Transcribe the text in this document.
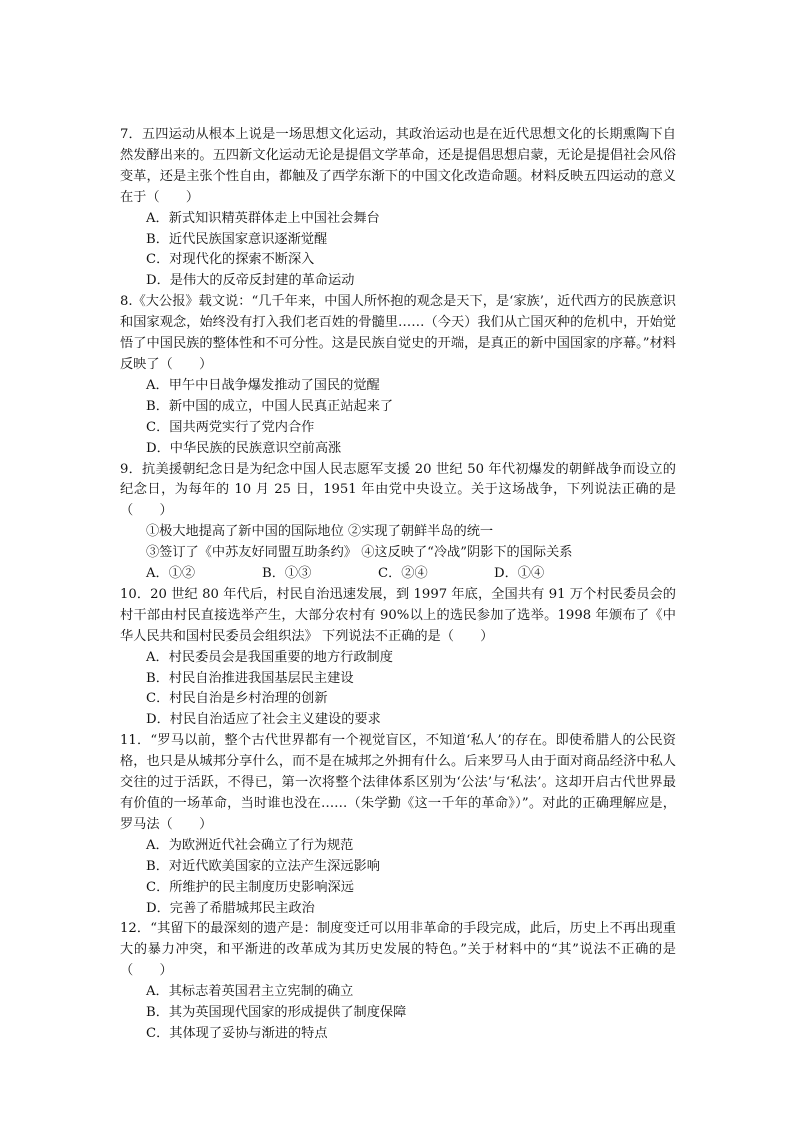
7．五四运动从根本上说是一场思想文化运动，其政治运动也是在近代思想文化的长期熏陶下自然发酵出来的。五四新文化运动无论是提倡文学革命，还是提倡思想启蒙，无论是提倡社会风俗变革，还是主张个性自由，都触及了西学东渐下的中国文化改造命题。材料反映五四运动的意义在于（　　）

A．新式知识精英群体走上中国社会舞台

B．近代民族国家意识逐渐觉醒

C．对现代化的探索不断深入

D．是伟大的反帝反封建的革命运动

8.《大公报》载文说：“几千年来，中国人所怀抱的观念是天下，是‘家族’，近代西方的民族意识和国家观念，始终没有打入我们老百姓的骨髓里……（今天）我们从亡国灭种的危机中，开始觉悟了中国民族的整体性和不可分性。这是民族自觉史的开端，是真正的新中国国家的序幕。”材料反映了（　　）

A．甲午中日战争爆发推动了国民的觉醒

B．新中国的成立，中国人民真正站起来了

C．国共两党实行了党内合作

D．中华民族的民族意识空前高涨

9．抗美援朝纪念日是为纪念中国人民志愿军支援 20 世纪 50 年代初爆发的朝鲜战争而设立的纪念日，为每年的 10 月 25 日，1951 年由党中央设立。关于这场战争，下列说法正确的是（　　）

①极大地提高了新中国的国际地位 ②实现了朝鲜半岛的统一

③签订了《中苏友好同盟互助条约》 ④这反映了“冷战”阴影下的国际关系

A．①②	B．①③	C．②④	D．①④

10．20 世纪 80 年代后，村民自治迅速发展，到 1997 年底，全国共有 91 万个村民委员会的村干部由村民直接选举产生，大部分农村有 90%以上的选民参加了选举。1998 年颁布了《中华人民共和国村民委员会组织法》 下列说法不正确的是（　　）

A．村民委员会是我国重要的地方行政制度

B．村民自治推进我国基层民主建设

C．村民自治是乡村治理的创新

D．村民自治适应了社会主义建设的要求

11．“罗马以前，整个古代世界都有一个视觉盲区，不知道‘私人’的存在。即使希腊人的公民资格，也只是从城邦分享什么，而不是在城邦之外拥有什么。后来罗马人由于面对商品经济中私人交往的过于活跃，不得已，第一次将整个法律体系区别为‘公法’与‘私法’。这却开启古代世界最有价值的一场革命，当时谁也没在……（朱学勤《这一千年的革命》）”。对此的正确理解应是，罗马法（　　）

A．为欧洲近代社会确立了行为规范

B．对近代欧美国家的立法产生深远影响

C．所维护的民主制度历史影响深远

D．完善了希腊城邦民主政治

12．“其留下的最深刻的遗产是：制度变迁可以用非革命的手段完成，此后，历史上不再出现重大的暴力冲突，和平渐进的改革成为其历史发展的特色。”关于材料中的“其”说法不正确的是（　　）

A．其标志着英国君主立宪制的确立

B．其为英国现代国家的形成提供了制度保障

C．其体现了妥协与渐进的特点
